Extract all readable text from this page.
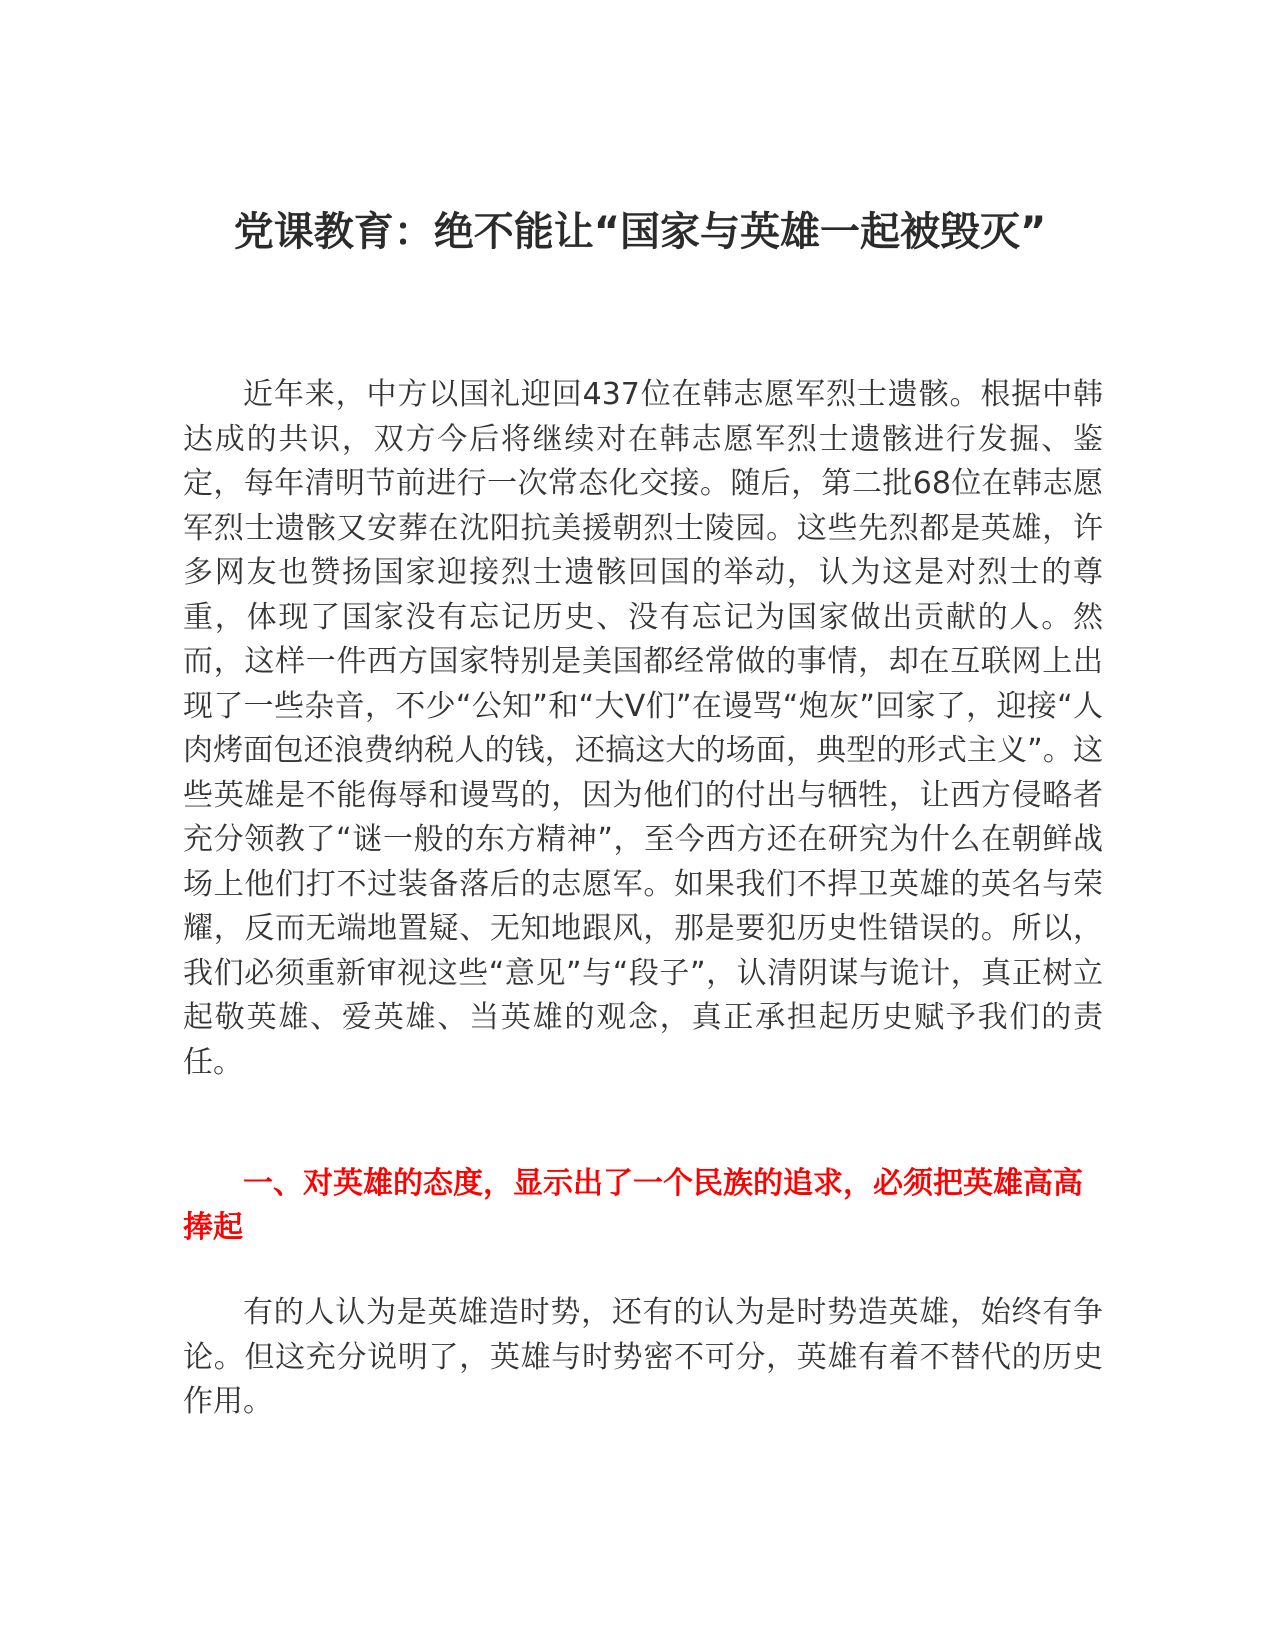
党课教育：绝不能让“国家与英雄一起被毁灭”

近年来，中方以国礼迎回437位在韩志愿军烈士遗骸。根据中韩达成的共识，双方今后将继续对在韩志愿军烈士遗骸进行发掘、鉴定，每年清明节前进行一次常态化交接。随后，第二批68位在韩志愿军烈士遗骸又安葬在沈阳抗美援朝烈士陵园。这些先烈都是英雄，许多网友也赞扬国家迎接烈士遗骸回国的举动，认为这是对烈士的尊重，体现了国家没有忘记历史、没有忘记为国家做出贡献的人。然而，这样一件西方国家特别是美国都经常做的事情，却在互联网上出现了一些杂音，不少“公知”和“大V们”在谩骂“炮灰”回家了，迎接“人肉烤面包还浪费纳税人的钱，还搞这大的场面，典型的形式主义”。这些英雄是不能侮辱和谩骂的，因为他们的付出与牺牲，让西方侵略者充分领教了“谜一般的东方精神”，至今西方还在研究为什么在朝鲜战场上他们打不过装备落后的志愿军。如果我们不捍卫英雄的英名与荣耀，反而无端地置疑、无知地跟风，那是要犯历史性错误的。所以，我们必须重新审视这些“意见”与“段子”，认清阴谋与诡计，真正树立起敬英雄、爱英雄、当英雄的观念，真正承担起历史赋予我们的责任。

一、对英雄的态度，显示出了一个民族的追求，必须把英雄高高捧起

有的人认为是英雄造时势，还有的认为是时势造英雄，始终有争论。但这充分说明了，英雄与时势密不可分，英雄有着不替代的历史作用。
